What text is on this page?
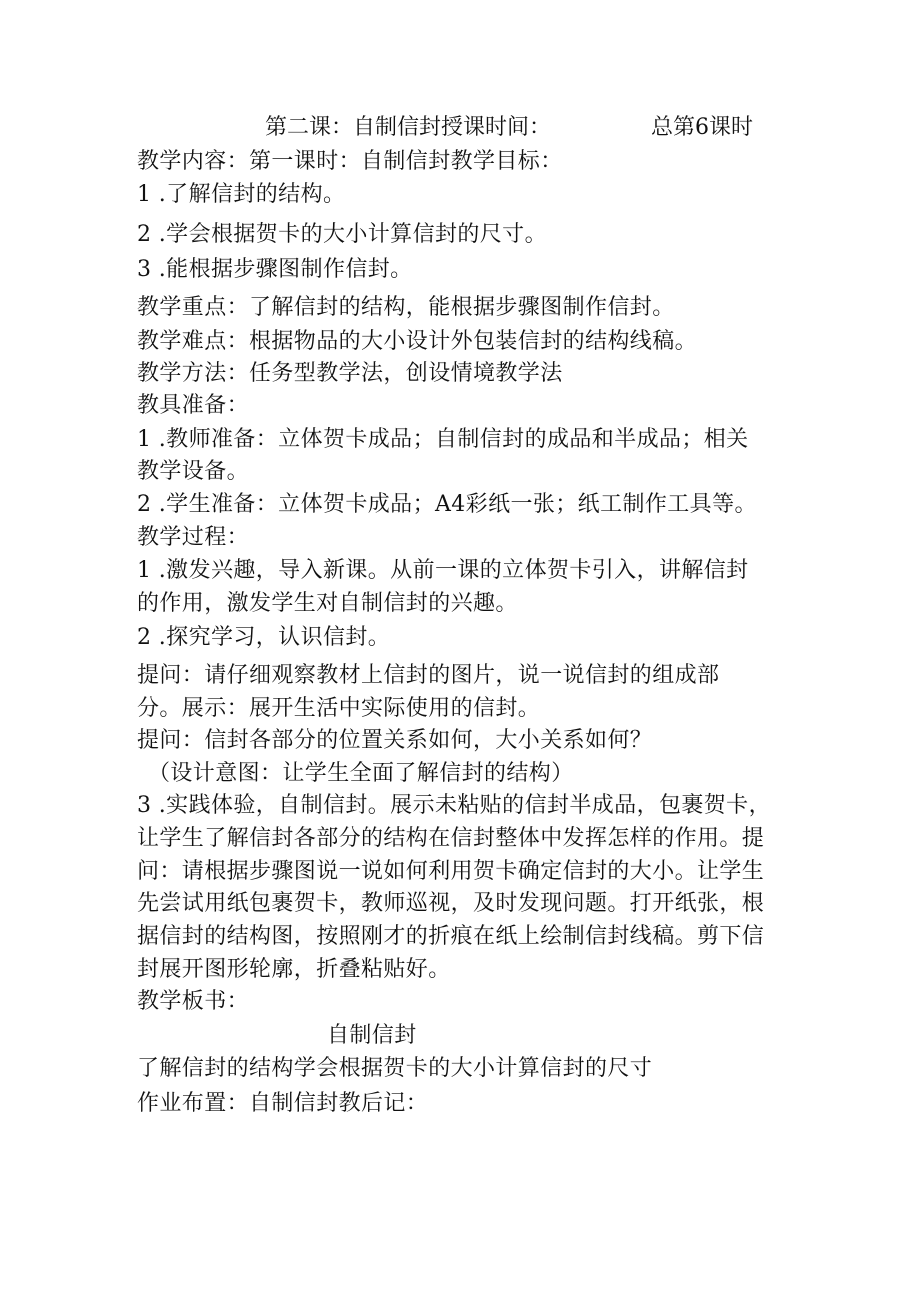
第二课：自制信封授课时间：	总第6课时
教学内容：第一课时：自制信封教学目标：
1 .了解信封的结构。
2 .学会根据贺卡的大小计算信封的尺寸。
3 .能根据步骤图制作信封。
教学重点：了解信封的结构，能根据步骤图制作信封。
教学难点：根据物品的大小设计外包装信封的结构线稿。
教学方法：任务型教学法，创设情境教学法
教具准备：
1 .教师准备：立体贺卡成品；自制信封的成品和半成品；相关
教学设备。
2 .学生准备：立体贺卡成品；A4彩纸一张；纸工制作工具等。
教学过程：
1 .激发兴趣，导入新课。从前一课的立体贺卡引入，讲解信封
的作用，激发学生对自制信封的兴趣。
2 .探究学习，认识信封。
提问：请仔细观察教材上信封的图片，说一说信封的组成部
分。展示：展开生活中实际使用的信封。
提问：信封各部分的位置关系如何，大小关系如何？
（设计意图：让学生全面了解信封的结构）
3 .实践体验，自制信封。展示未粘贴的信封半成品，包裹贺卡，
让学生了解信封各部分的结构在信封整体中发挥怎样的作用。提
问：请根据步骤图说一说如何利用贺卡确定信封的大小。让学生
先尝试用纸包裹贺卡，教师巡视，及时发现问题。打开纸张，根
据信封的结构图，按照刚才的折痕在纸上绘制信封线稿。剪下信
封展开图形轮廓，折叠粘贴好。
教学板书：
自制信封
了解信封的结构学会根据贺卡的大小计算信封的尺寸
作业布置：自制信封教后记：
